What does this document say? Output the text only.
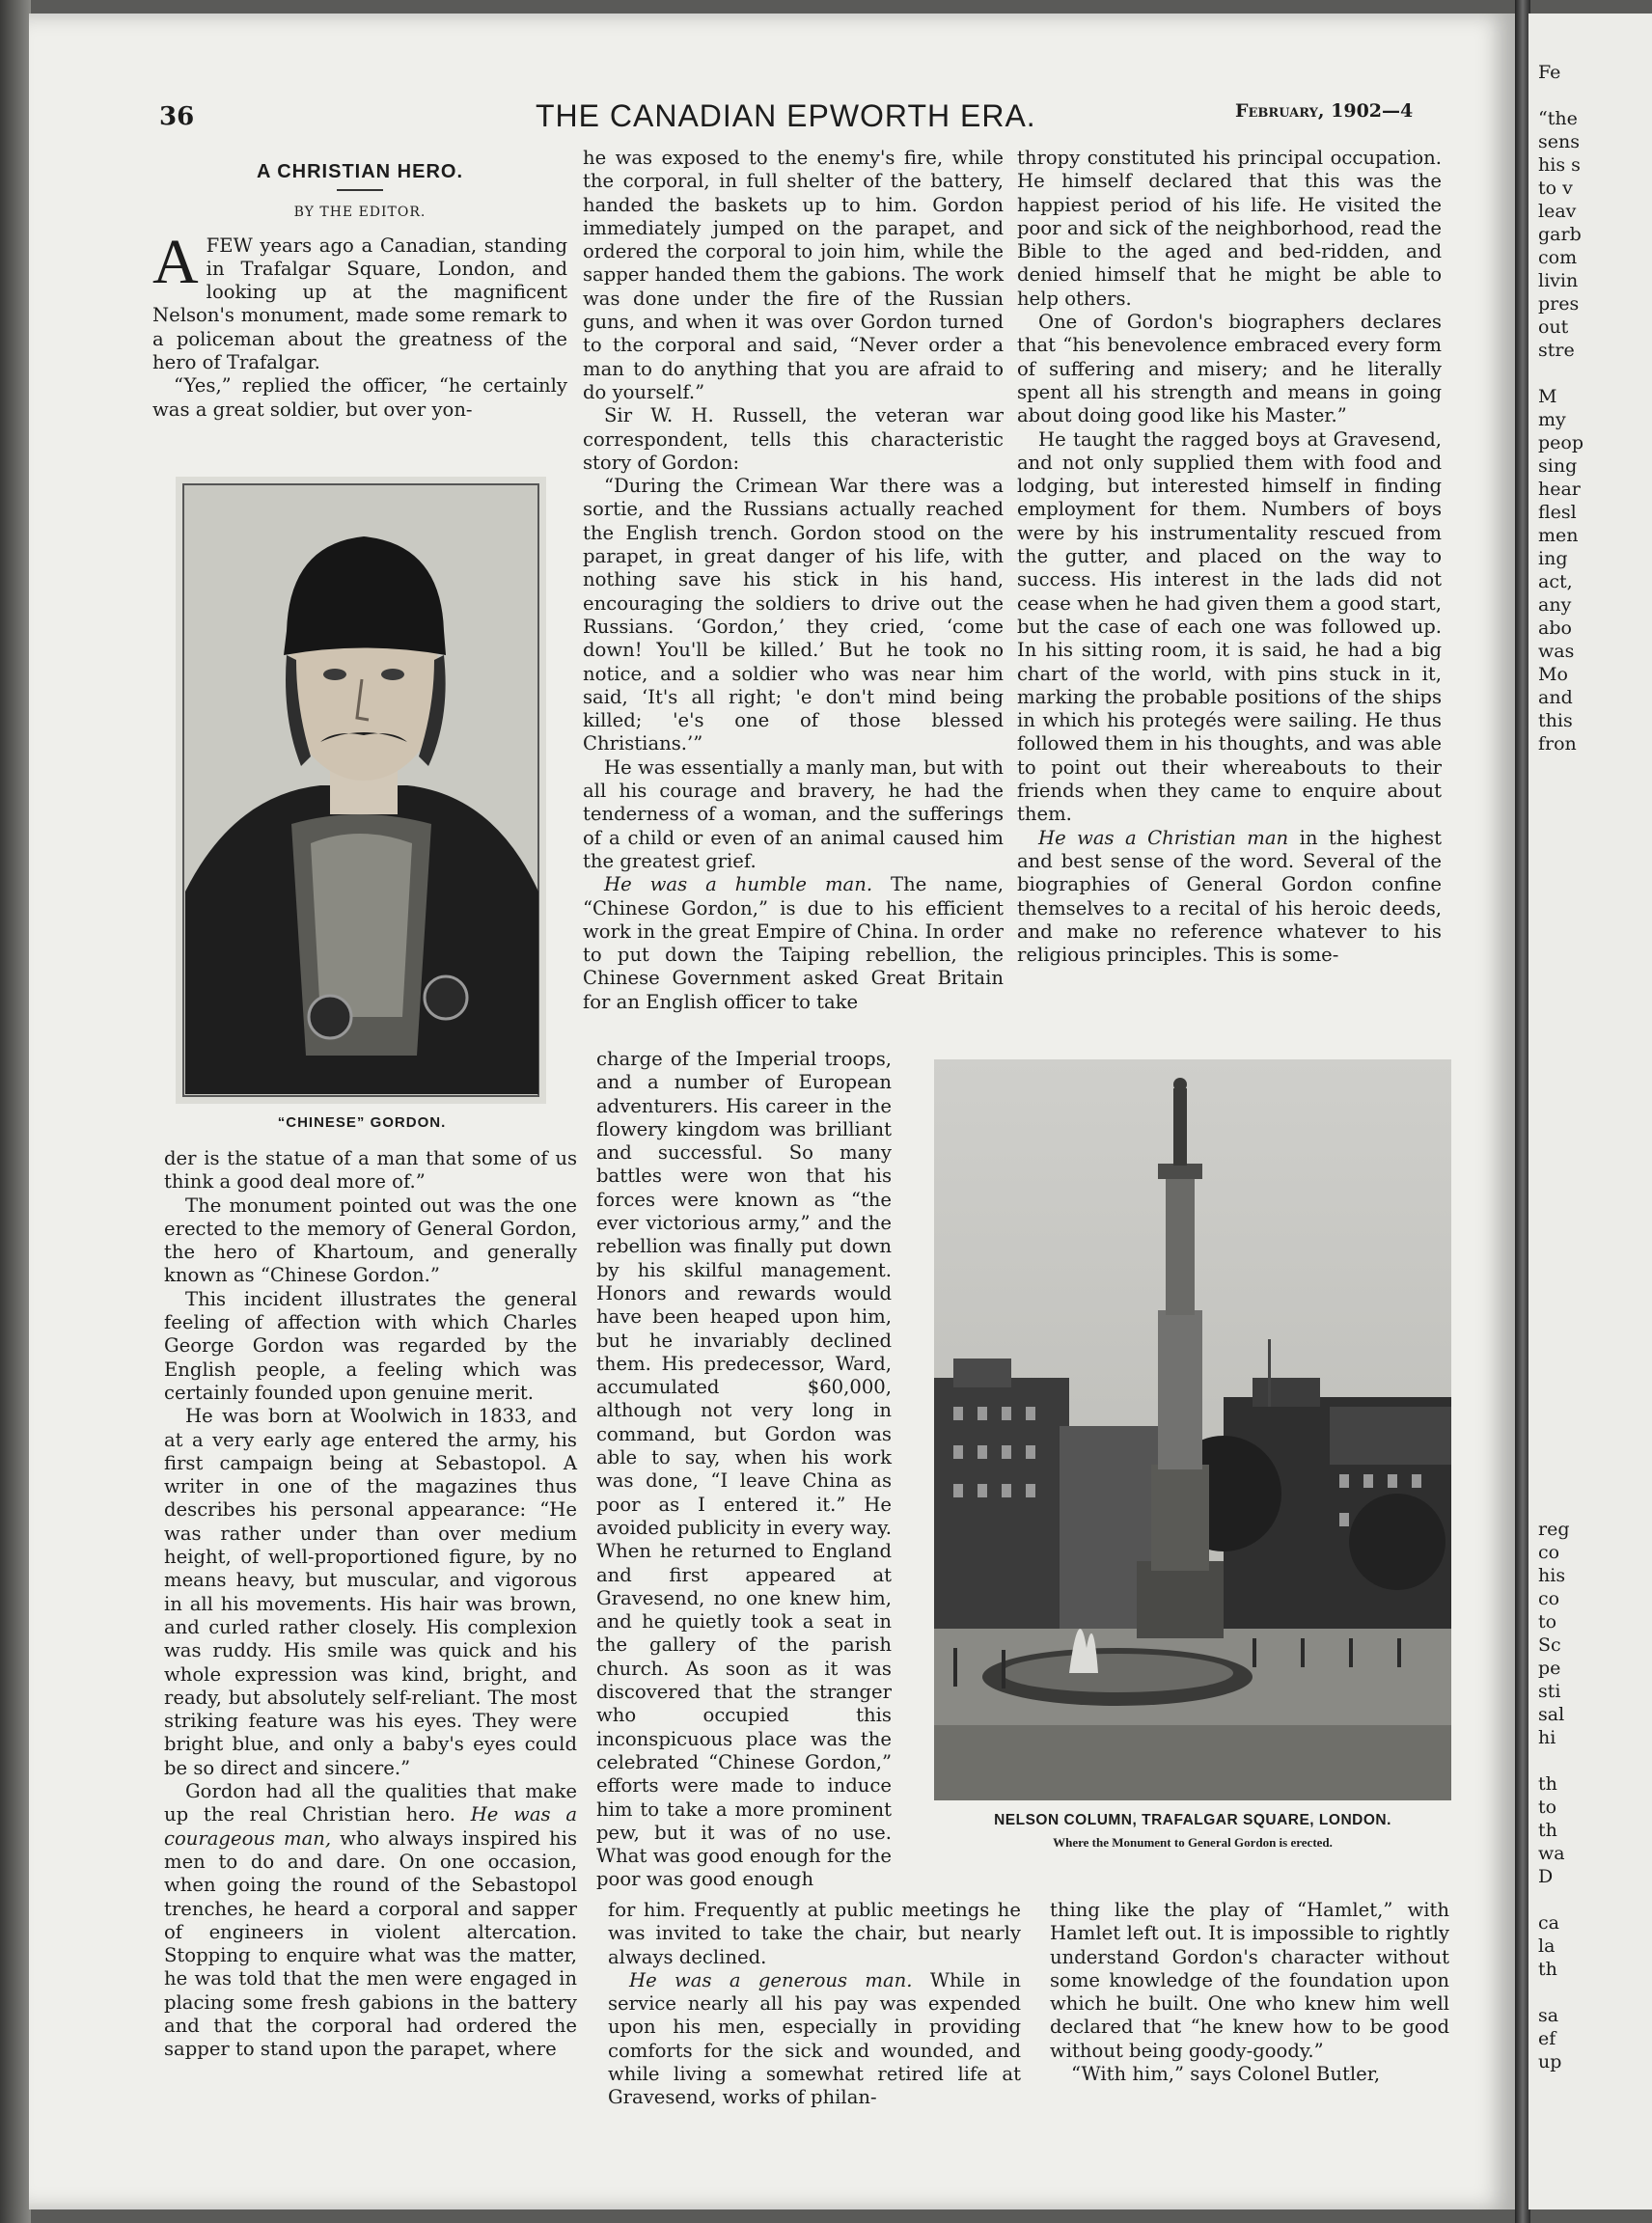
36	THE CANADIAN EPWORTH ERA.	February, 1902—4
A CHRISTIAN HERO.
BY THE EDITOR.

AFEW years ago a Canadian, standing in Trafalgar Square, London, and looking up at the magnificent Nelson's monument, made some remark to a policeman about the greatness of the hero of Trafalgar.

“Yes,” replied the officer, “he certainly was a great soldier, but over yon-

“CHINESE” GORDON.

der is the statue of a man that some of us think a good deal more of.”

The monument pointed out was the one erected to the memory of General Gordon, the hero of Khartoum, and generally known as “Chinese Gordon.”

This incident illustrates the general feeling of affection with which Charles George Gordon was regarded by the English people, a feeling which was certainly founded upon genuine merit.

He was born at Woolwich in 1833, and at a very early age entered the army, his first campaign being at Sebastopol. A writer in one of the magazines thus describes his personal appearance: “He was rather under than over medium height, of well-proportioned figure, by no means heavy, but muscular, and vigorous in all his movements. His hair was brown, and curled rather closely. His complexion was ruddy. His smile was quick and his whole expression was kind, bright, and ready, but absolutely self-reliant. The most striking feature was his eyes. They were bright blue, and only a baby's eyes could be so direct and sincere.”

Gordon had all the qualities that make up the real Christian hero. He was a courageous man, who always inspired his men to do and dare. On one occasion, when going the round of the Sebastopol trenches, he heard a corporal and sapper of engineers in violent altercation. Stopping to enquire what was the matter, he was told that the men were engaged in placing some fresh gabions in the battery and that the corporal had ordered the sapper to stand upon the parapet, where

he was exposed to the enemy's fire, while the corporal, in full shelter of the battery, handed the baskets up to him. Gordon immediately jumped on the parapet, and ordered the corporal to join him, while the sapper handed them the gabions. The work was done under the fire of the Russian guns, and when it was over Gordon turned to the corporal and said, “Never order a man to do anything that you are afraid to do yourself.”

Sir W. H. Russell, the veteran war correspondent, tells this characteristic story of Gordon:

“During the Crimean War there was a sortie, and the Russians actually reached the English trench. Gordon stood on the parapet, in great danger of his life, with nothing save his stick in his hand, encouraging the soldiers to drive out the Russians. ‘Gordon,’ they cried, ‘come down! You'll be killed.’ But he took no notice, and a soldier who was near him said, ‘It's all right; 'e don't mind being killed; 'e's one of those blessed Christians.’”

He was essentially a manly man, but with all his courage and bravery, he had the tenderness of a woman, and the sufferings of a child or even of an animal caused him the greatest grief.

He was a humble man. The name, “Chinese Gordon,” is due to his efficient work in the great Empire of China. In order to put down the Taiping rebellion, the Chinese Government asked Great Britain for an English officer to take

charge of the Imperial troops, and a number of European adventurers. His career in the flowery kingdom was brilliant and successful. So many battles were won that his forces were known as “the ever victorious army,” and the rebellion was finally put down by his skilful management. Honors and rewards would have been heaped upon him, but he invariably declined them. His predecessor, Ward, accumulated $60,000, although not very long in command, but Gordon was able to say, when his work was done, “I leave China as poor as I entered it.” He avoided publicity in every way. When he returned to England and first appeared at Gravesend, no one knew him, and he quietly took a seat in the gallery of the parish church. As soon as it was discovered that the stranger who occupied this inconspicuous place was the celebrated “Chinese Gordon,” efforts were made to induce him to take a more prominent pew, but it was of no use. What was good enough for the poor was good enough

for him. Frequently at public meetings he was invited to take the chair, but nearly always declined.

He was a generous man. While in service nearly all his pay was expended upon his men, especially in providing comforts for the sick and wounded, and while living a somewhat retired life at Gravesend, works of philan-

thropy constituted his principal occupation. He himself declared that this was the happiest period of his life. He visited the poor and sick of the neighborhood, read the Bible to the aged and bed-ridden, and denied himself that he might be able to help others.

One of Gordon's biographers declares that “his benevolence embraced every form of suffering and misery; and he literally spent all his strength and means in going about doing good like his Master.”

He taught the ragged boys at Gravesend, and not only supplied them with food and lodging, but interested himself in finding employment for them. Numbers of boys were by his instrumentality rescued from the gutter, and placed on the way to success. His interest in the lads did not cease when he had given them a good start, but the case of each one was followed up. In his sitting room, it is said, he had a big chart of the world, with pins stuck in it, marking the probable positions of the ships in which his protegés were sailing. He thus followed them in his thoughts, and was able to point out their whereabouts to their friends when they came to enquire about them.

He was a Christian man in the highest and best sense of the word. Several of the biographies of General Gordon confine themselves to a recital of his heroic deeds, and make no reference whatever to his religious principles. This is some-

NELSON COLUMN, TRAFALGAR SQUARE, LONDON.
Where the Monument to General Gordon is erected.

thing like the play of “Hamlet,” with Hamlet left out. It is impossible to rightly understand Gordon's character without some knowledge of the foundation upon which he built. One who knew him well declared that “he knew how to be good without being goody-goody.”

“With him,” says Colonel Butler,

Fe
“the
sens
his s
to v
leav
garb
com
livin
pres
out
stre
M
my
peop
sing
hear
flesl
men
ing
act,
any
abo
was
Mo
and
this
fron
reg
co
his
co
to
Sc
pe
sti
sal
hi
th
to
th
wa
D
ca
la
th
sa
ef
up
